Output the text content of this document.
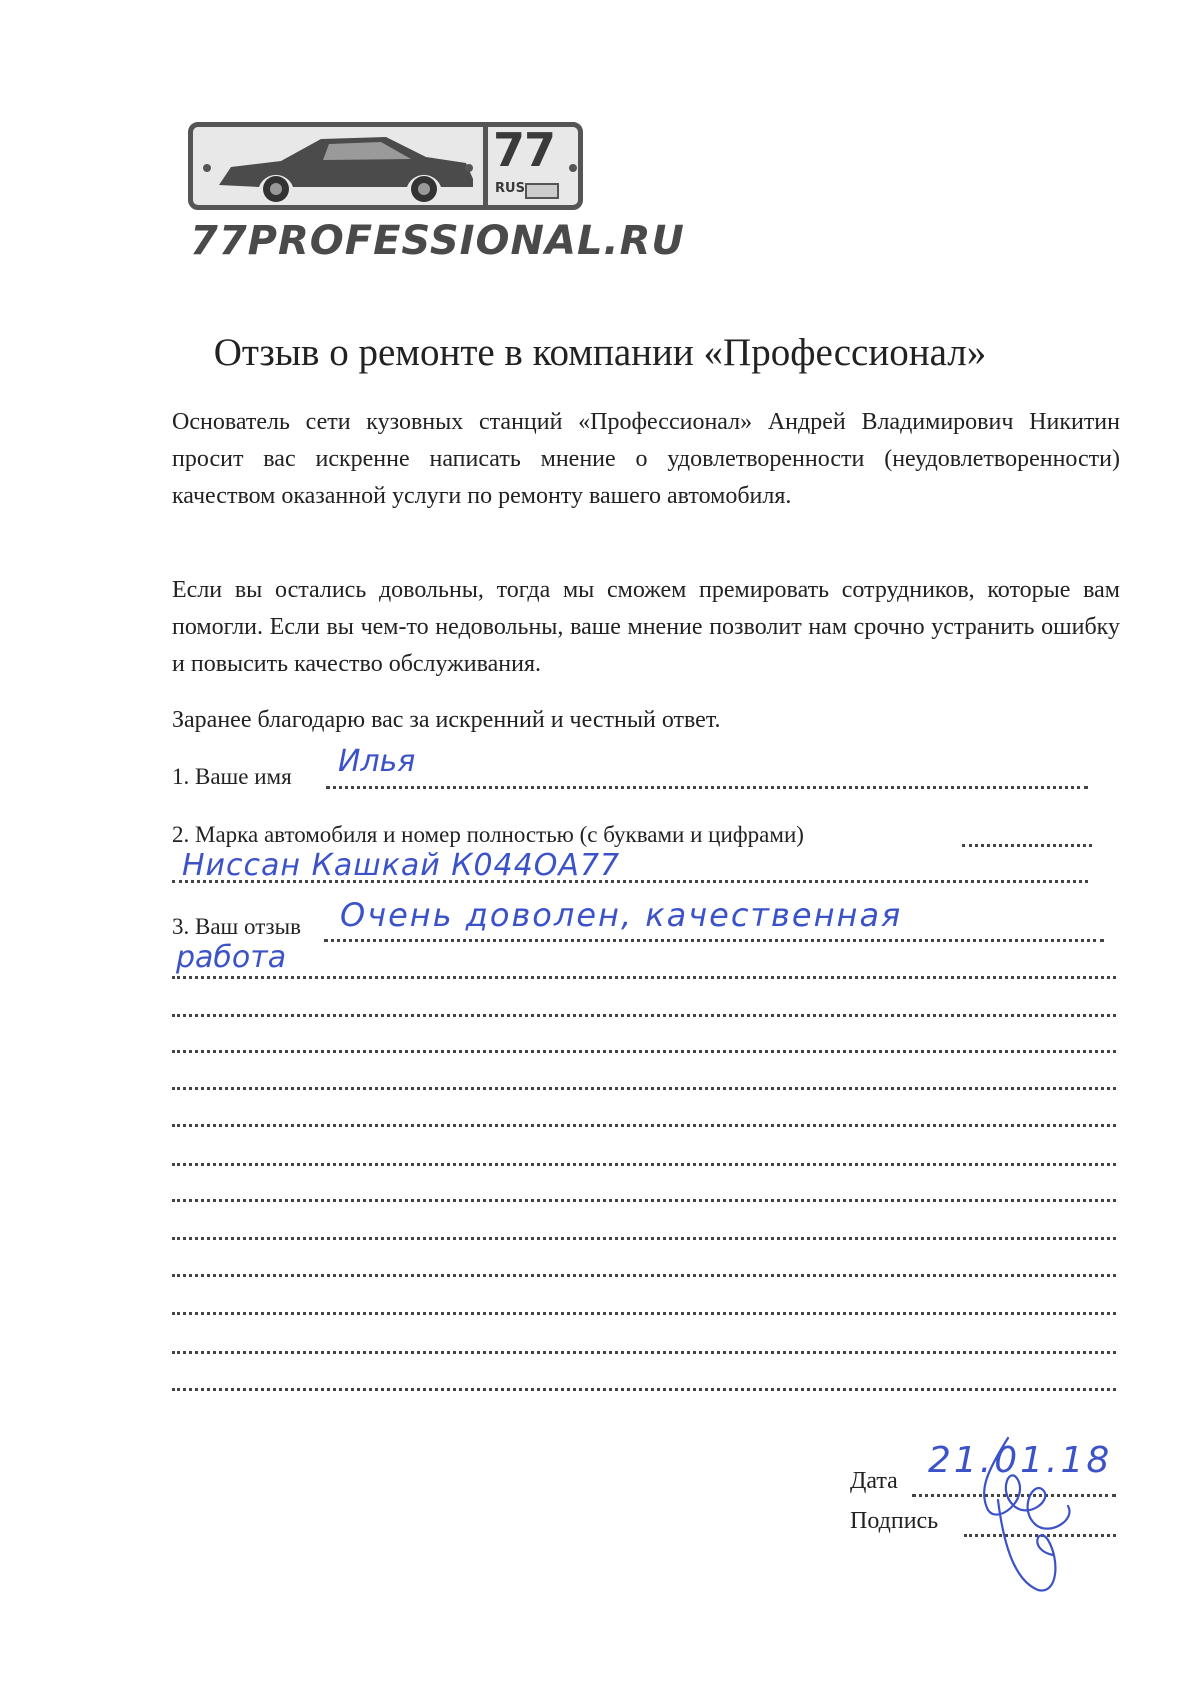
77
RUS
77PROFESSIONAL.RU
Отзыв о ремонте в компании «Профессионал»
Основатель сети кузовных станций «Профессионал» Андрей Владимирович Никитин просит вас искренне написать мнение о удовлетворенности (неудовлетворенности) качеством оказанной услуги по ремонту вашего автомобиля.
Если вы остались довольны, тогда мы сможем премировать сотрудников, которые вам помогли. Если вы чем-то недовольны, ваше мнение позволит нам срочно устранить ошибку и повысить качество обслуживания.
Заранее благодарю вас за искренний и честный ответ.
1. Ваше имя Илья
2. Марка автомобиля и номер полностью (с буквами и цифрами)
Ниссан Кашкай К044ОА77
3. Ваш отзыв Очень доволен, качественная
работа
Дата 21.01.18
Подпись
